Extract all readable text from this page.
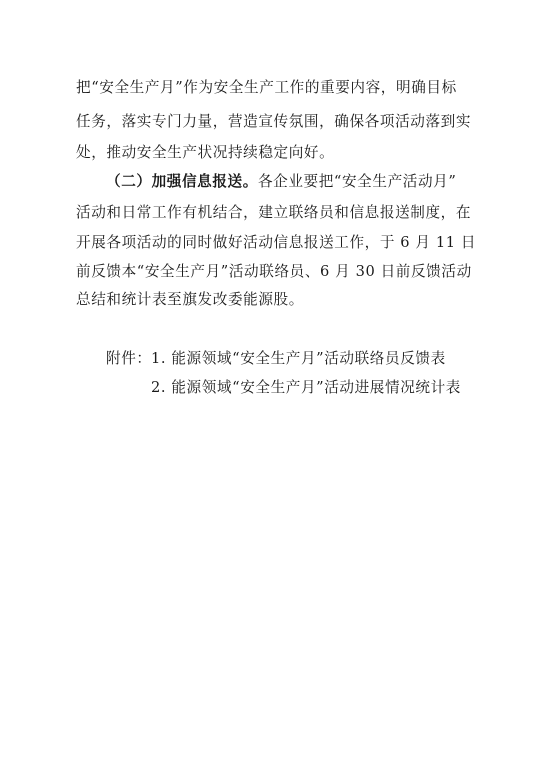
把“安全生产月”作为安全生产工作的重要内容，明确目标
任务，落实专门力量，营造宣传氛围，确保各项活动落到实
处，推动安全生产状况持续稳定向好。
（二）加强信息报送。各企业要把“安全生产活动月”
活动和日常工作有机结合，建立联络员和信息报送制度，在
开展各项活动的同时做好活动信息报送工作，于 6 月 11 日
前反馈本“安全生产月”活动联络员、6 月 30 日前反馈活动
总结和统计表至旗发改委能源股。
附件： 1. 能源领域“安全生产月”活动联络员反馈表
2. 能源领域“安全生产月”活动进展情况统计表
